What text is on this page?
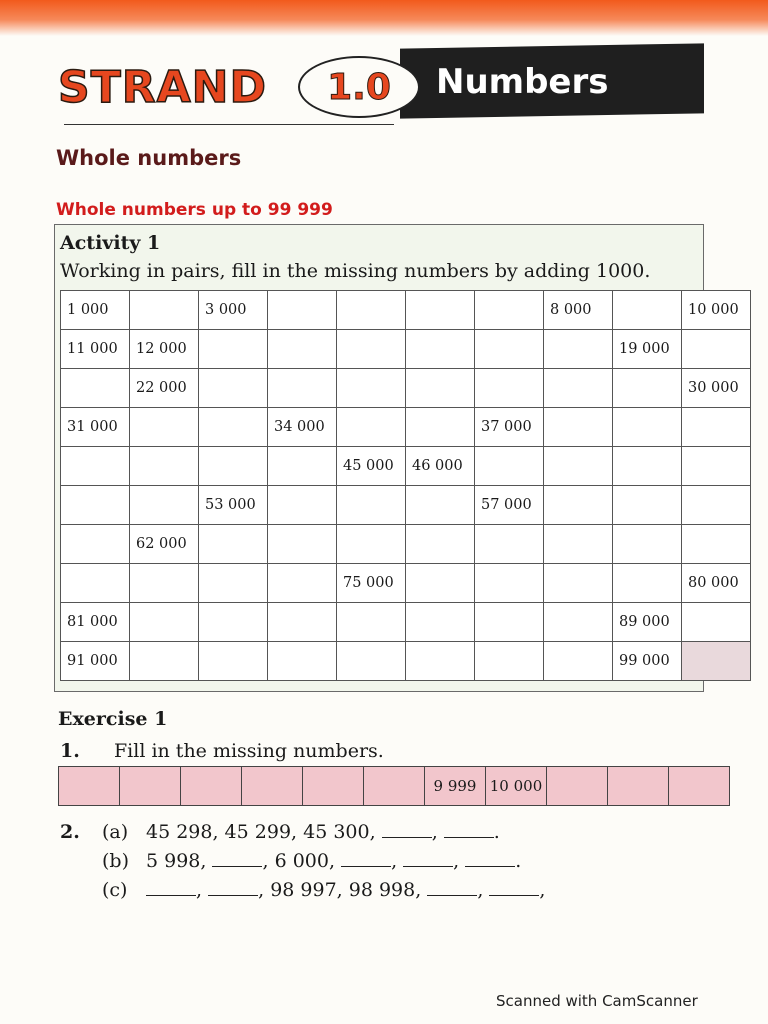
STRAND	1.0	Numbers
Whole numbers
Whole numbers up to 99 999
Activity 1
Working in pairs, fill in the missing numbers by adding 1000.
1 000		3 000					8 000		10 000
11 000	12 000							19 000	
	22 000								30 000
31 000			34 000			37 000			
				45 000	46 000				
		53 000				57 000			
	62 000								
				75 000					80 000
81 000								89 000	
91 000								99 000	
Exercise 1
1. Fill in the missing numbers.
						9 999	10 000			
2. (a) 45 298, 45 299, 45 300,	,	.
(b) 5 998,	, 6 000,	,	,	.
(c)	,	, 98 997, 98 998,	,	,
Scanned with CamScanner
